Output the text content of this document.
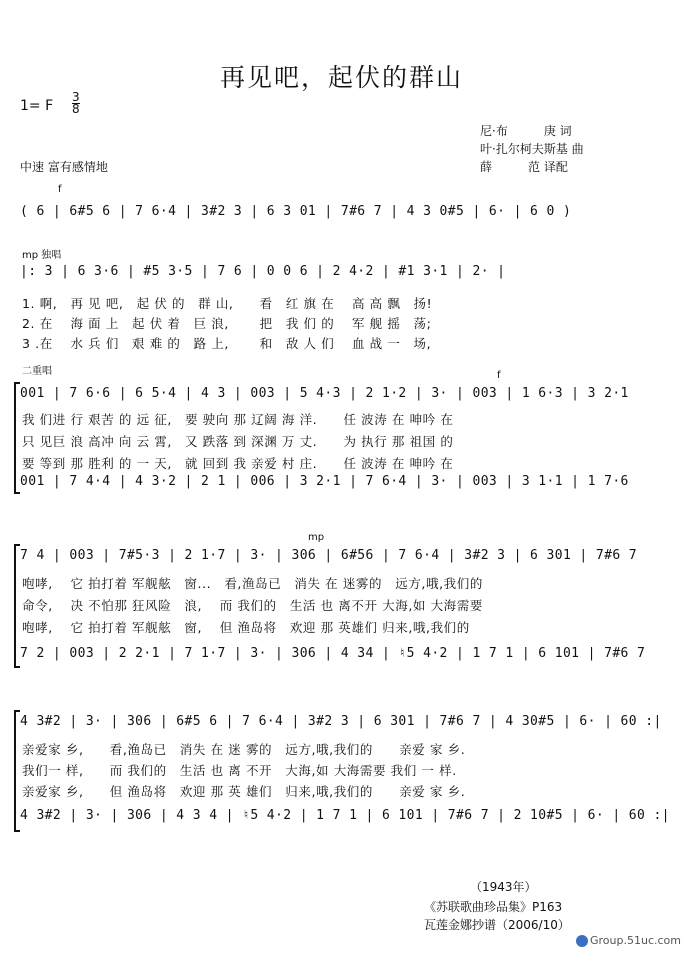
再见吧，起伏的群山
1= F $\frac{3}{8}$
尼·布　　　庚 词
叶·扎尔柯夫斯基 曲
薛　　　范 译配
中速 富有感情地
f
( 6 | 6#5 6 | 7 6·4 | 3#2 3 | 6 3 01 | 7#6 7 | 4 3 0#5 | 6· | 6 0 )
mp 独唱
|: 3 | 6 3·6 | #5 3·5 | 7 6 | 0 0 6 | 2 4·2 | #1 3·1 | 2· |
1. 啊,　再 见 吧,　起 伏 的　群 山,　　看　红 旗 在　 高 高 飘　扬!
2. 在　 海 面 上　起 伏 着　巨 浪,　　 把　我 们 的　 军 舰 摇　荡;
3 .在　 水 兵 们　艰 难 的　路 上,　　 和　敌 人 们　 血 战 一　场,
二重唱	f
001 | 7 6·6 | 6 5·4 | 4 3 | 003 | 5 4·3 | 2 1·2 | 3· | 003 | 1 6·3 | 3 2·1
我 们进 行 艰苦 的 远 征,　要 驶向 那 辽阔 海 洋.　　任 波涛 在 呻吟 在
只 见巨 浪 高冲 向 云 霄,　又 跌落 到 深渊 万 丈.　　为 执行 那 祖国 的
要 等到 那 胜利 的 一 天,　就 回到 我 亲爱 村 庄.　　任 波涛 在 呻吟 在
001 | 7 4·4 | 4 3·2 | 2 1 | 006 | 3 2·1 | 7 6·4 | 3· | 003 | 3 1·1 | 1 7·6
mp
7 4 | 003 | 7#5·3 | 2 1·7 | 3· | 306 | 6#56 | 7 6·4 | 3#2 3 | 6 301 | 7#6 7
咆哮,　 它 拍打着 军舰舷　窗...　看,渔岛已　消失 在 迷雾的　远方,哦,我们的
命令,　 决 不怕那 狂风险　浪,　 而 我们的　生活 也 离不开 大海,如 大海需要
咆哮,　 它 拍打着 军舰舷　窗,　 但 渔岛将　欢迎 那 英雄们 归来,哦,我们的
7 2 | 003 | 2 2·1 | 7 1·7 | 3· | 306 | 4 34 | ♮5 4·2 | 1 7 1 | 6 101 | 7#6 7
4 3#2 | 3· | 306 | 6#5 6 | 7 6·4 | 3#2 3 | 6 301 | 7#6 7 | 4 30#5 | 6· | 60 :|
亲爱家 乡,　　看,渔岛已　消失 在 迷 雾的　远方,哦,我们的　　亲爱 家 乡.
我们一 样,　　而 我们的　生活 也 离 不开　大海,如 大海需要 我们 一 样.
亲爱家 乡,　　但 渔岛将　欢迎 那 英 雄们　归来,哦,我们的　　亲爱 家 乡.
4 3#2 | 3· | 306 | 4 3 4 | ♮5 4·2 | 1 7 1 | 6 101 | 7#6 7 | 2 10#5 | 6· | 60 :|
（1943年）
《苏联歌曲珍品集》P163
瓦莲金娜抄谱（2006/10）
Group.51uc.com
